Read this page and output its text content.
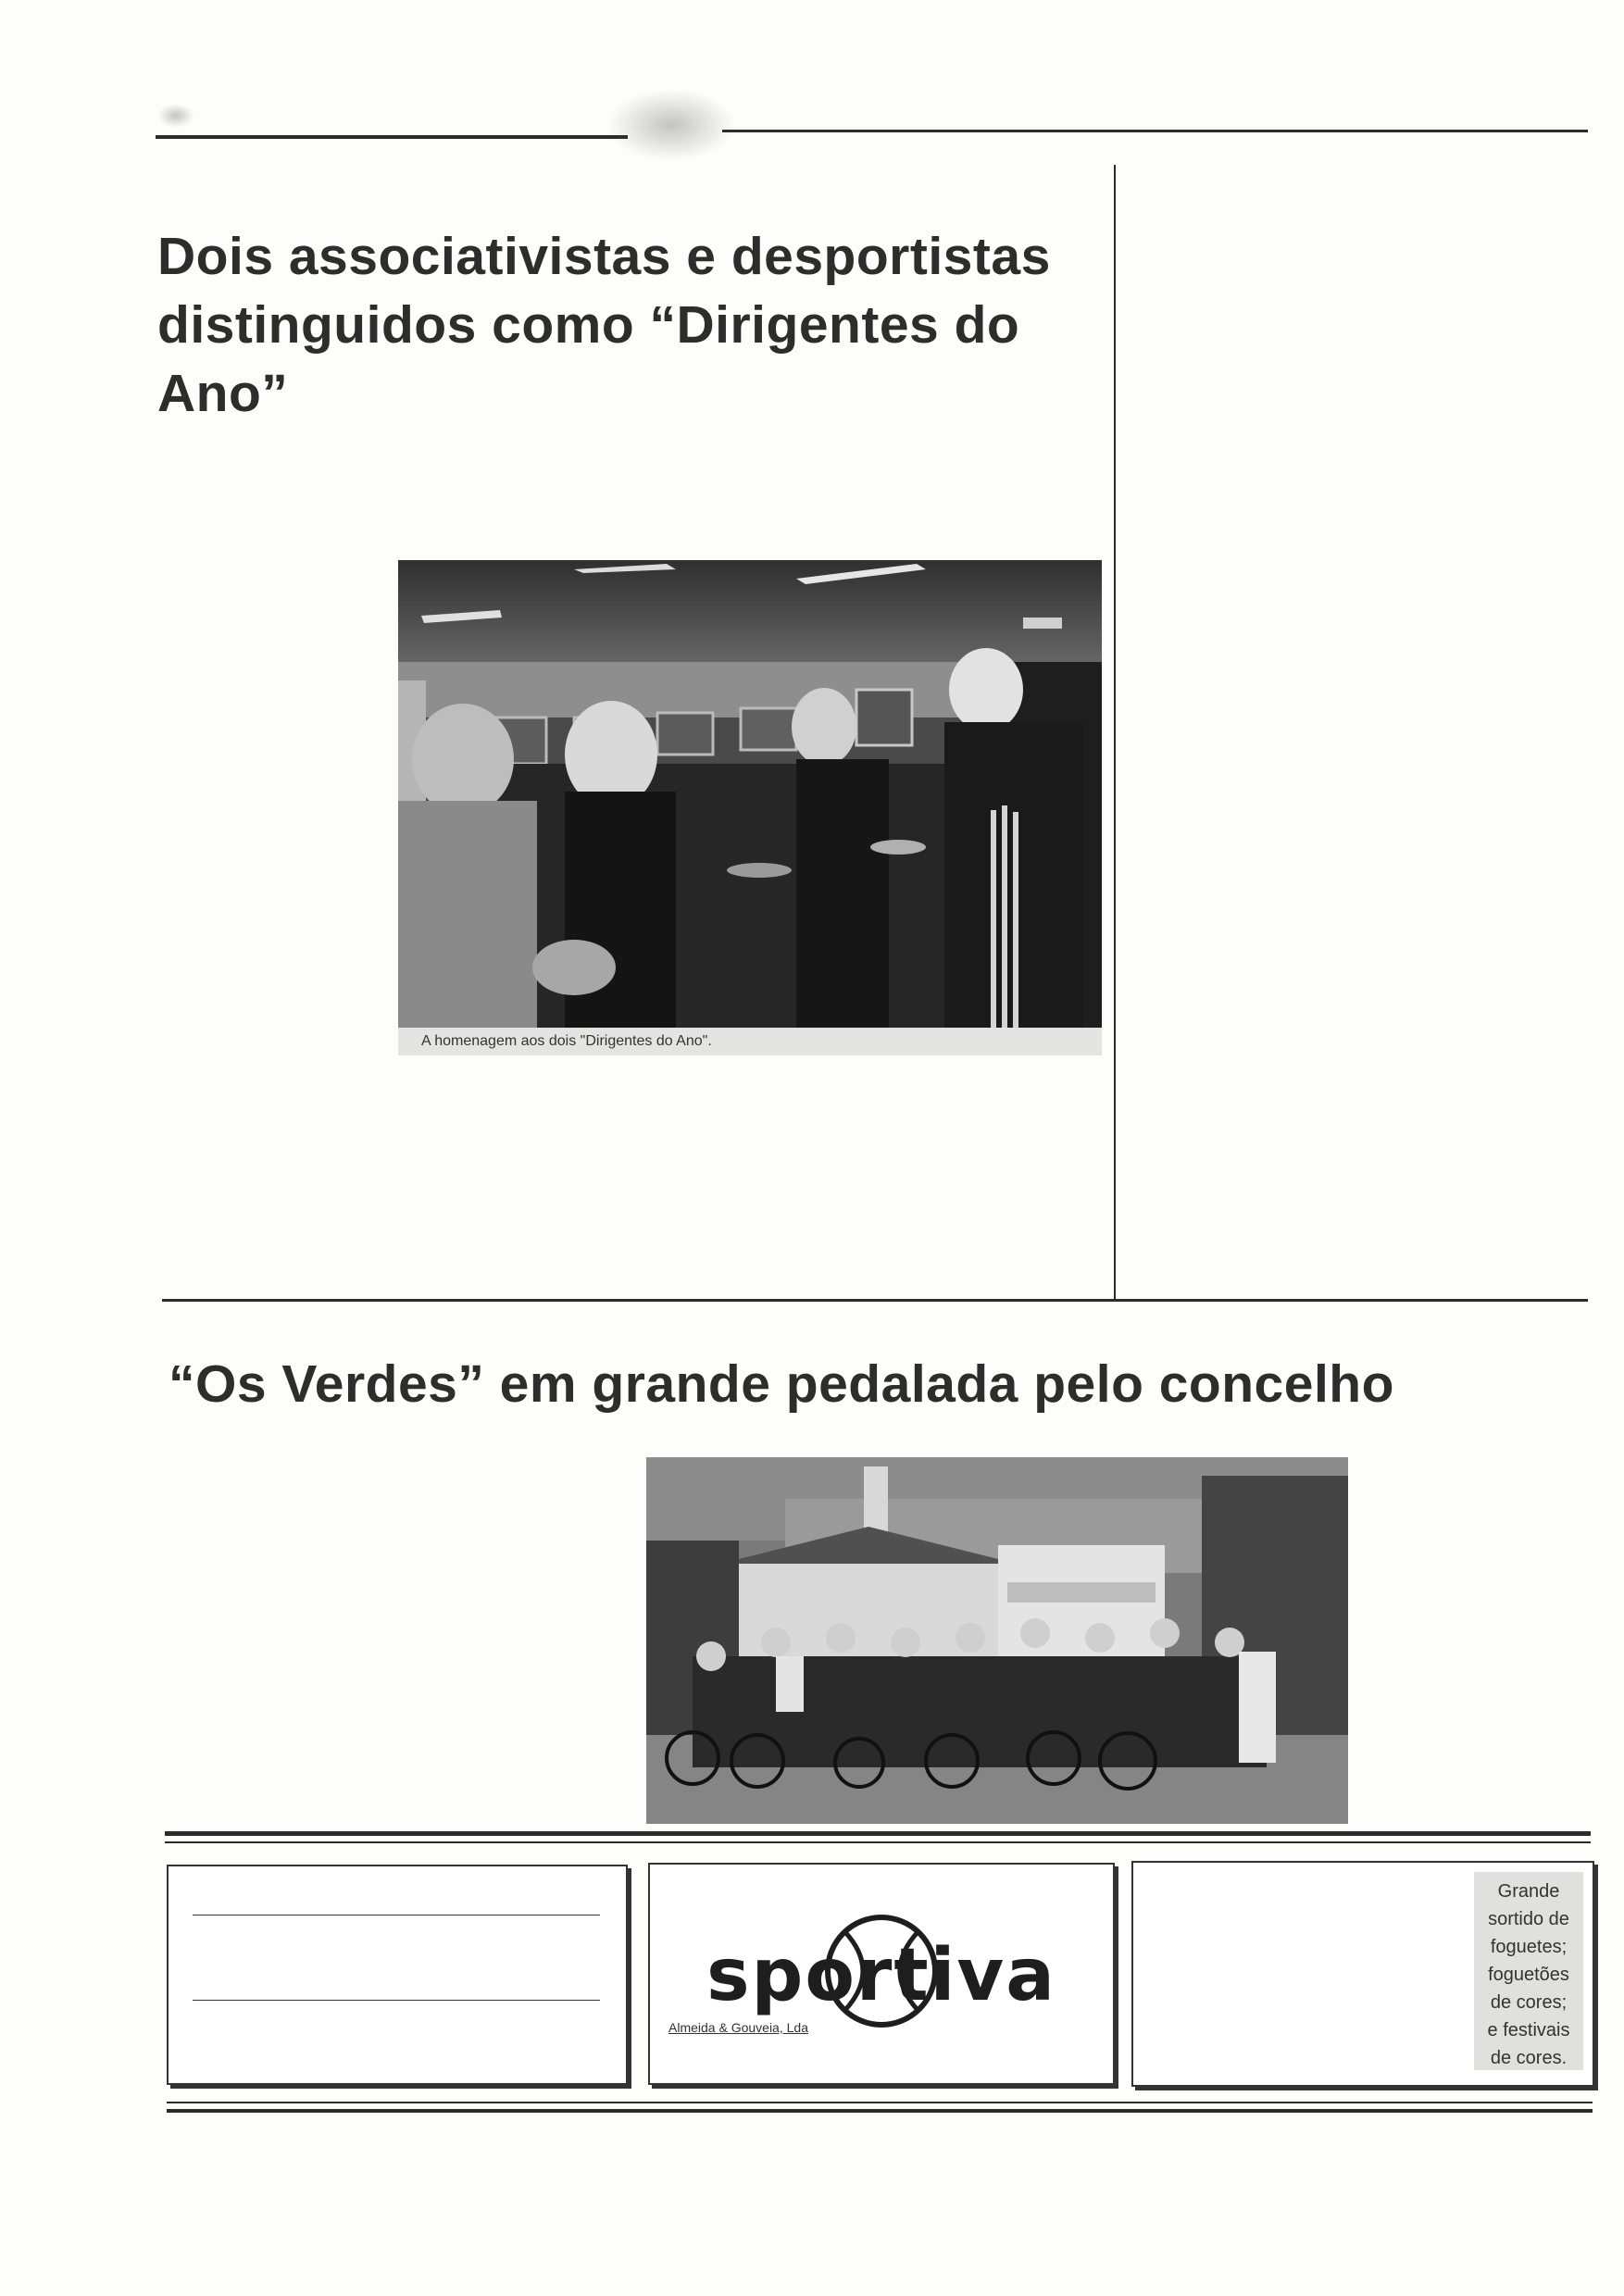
Dois associativistas e desportistas distinguidos como “Dirigentes do Ano”
A homenagem aos dois "Dirigentes do Ano".
“Os Verdes” em grande pedalada pelo concelho
sportiva
Almeida & Gouveia, Lda
Grande
sortido de
foguetes;
foguetões
de cores;
e festivais
de cores.
